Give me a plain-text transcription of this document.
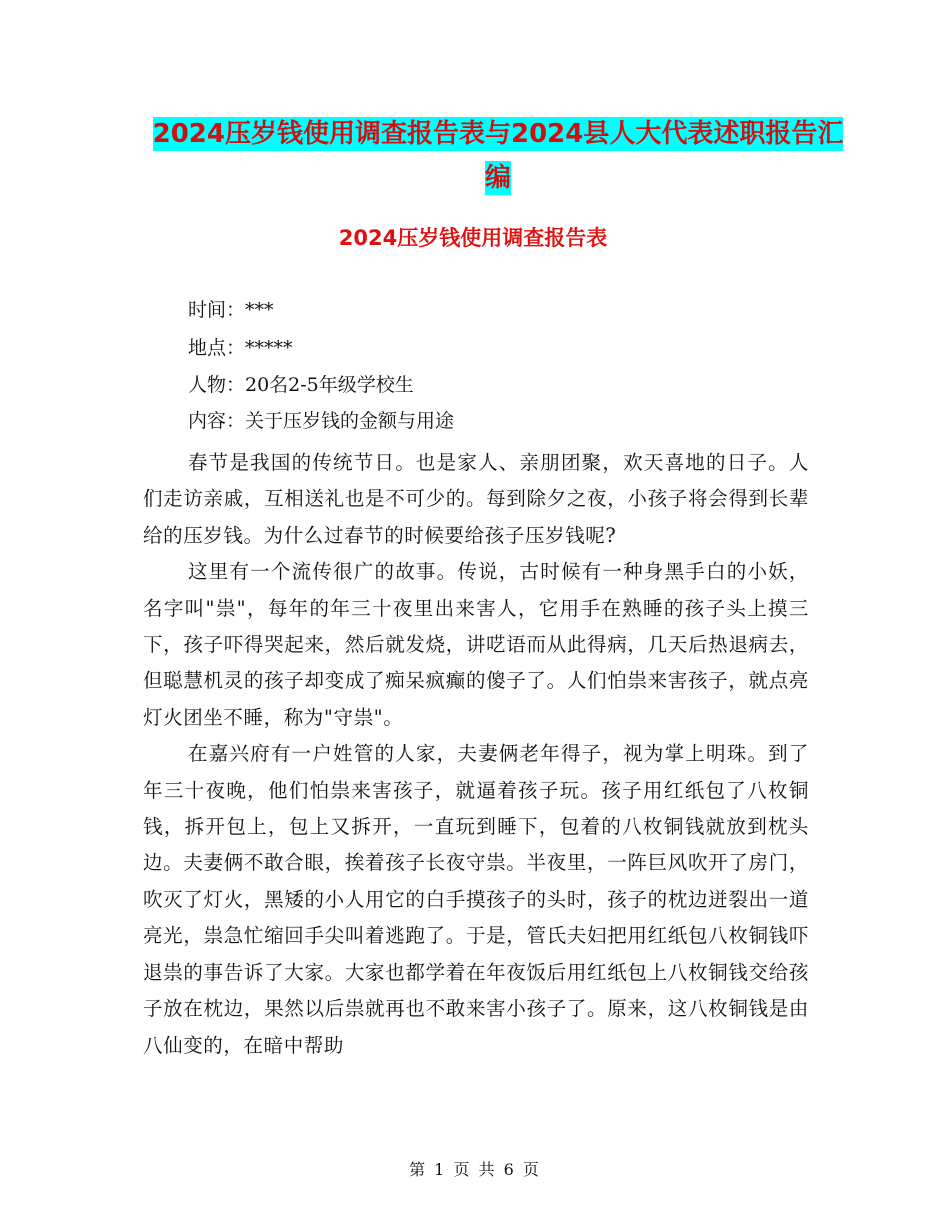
2024压岁钱使用调查报告表与2024县人大代表述职报告汇编
2024压岁钱使用调查报告表
时间：***
地点：*****
人物：20名2-5年级学校生
内容：关于压岁钱的金额与用途

春节是我国的传统节日。也是家人、亲朋团聚，欢天喜地的日子。人们走访亲戚，互相送礼也是不可少的。每到除夕之夜，小孩子将会得到长辈给的压岁钱。为什么过春节的时候要给孩子压岁钱呢?

这里有一个流传很广的故事。传说，古时候有一种身黑手白的小妖，名字叫"祟"，每年的年三十夜里出来害人，它用手在熟睡的孩子头上摸三下，孩子吓得哭起来，然后就发烧，讲呓语而从此得病，几天后热退病去，但聪慧机灵的孩子却变成了痴呆疯癫的傻子了。人们怕祟来害孩子，就点亮灯火团坐不睡，称为"守祟"。

在嘉兴府有一户姓管的人家，夫妻俩老年得子，视为掌上明珠。到了年三十夜晚，他们怕祟来害孩子，就逼着孩子玩。孩子用红纸包了八枚铜钱，拆开包上，包上又拆开，一直玩到睡下，包着的八枚铜钱就放到枕头边。夫妻俩不敢合眼，挨着孩子长夜守祟。半夜里，一阵巨风吹开了房门，吹灭了灯火，黑矮的小人用它的白手摸孩子的头时，孩子的枕边迸裂出一道亮光，祟急忙缩回手尖叫着逃跑了。于是，管氏夫妇把用红纸包八枚铜钱吓退祟的事告诉了大家。大家也都学着在年夜饭后用红纸包上八枚铜钱交给孩子放在枕边，果然以后祟就再也不敢来害小孩子了。原来，这八枚铜钱是由八仙变的，在暗中帮助

第 1 页 共 6 页
